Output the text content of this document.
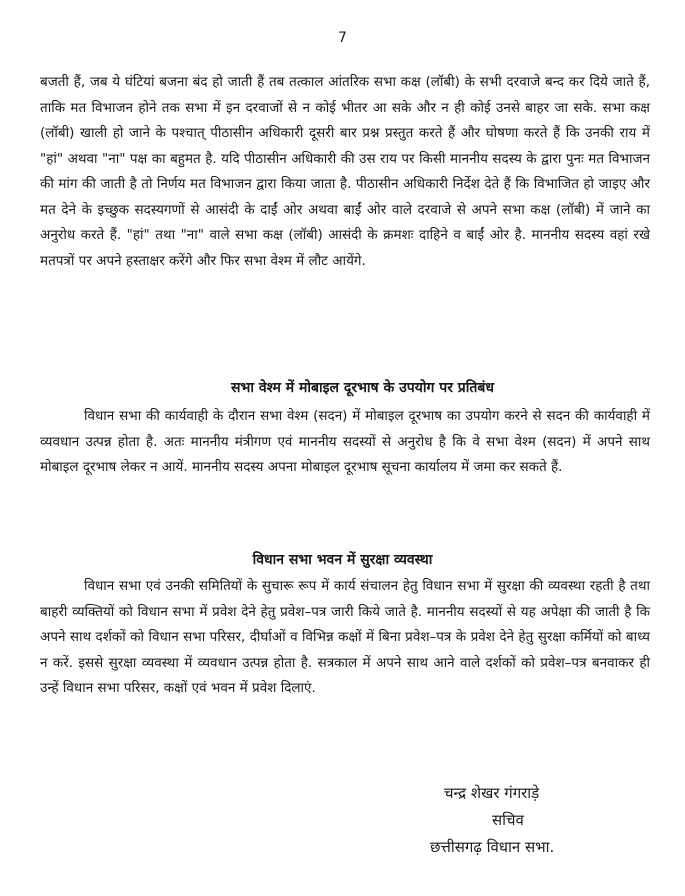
7

बजती हैं, जब ये घंटियां बजना बंद हो जाती हैं तब तत्काल आंतरिक सभा कक्ष (लॉबी) के सभी दरवाजे बन्द कर दिये जाते हैं, ताकि मत विभाजन होने तक सभा में इन दरवाजों से न कोई भीतर आ सके और न ही कोई उनसे बाहर जा सके. सभा कक्ष (लॉबी) खाली हो जाने के पश्चात् पीठासीन अधिकारी दूसरी बार प्रश्न प्रस्तुत करते हैं और घोषणा करते हैं कि उनकी राय में "हां" अथवा "ना" पक्ष का बहुमत है. यदि पीठासीन अधिकारी की उस राय पर किसी माननीय सदस्य के द्वारा पुनः मत विभाजन की मांग की जाती है तो निर्णय मत विभाजन द्वारा किया जाता है. पीठासीन अधिकारी निर्देश देते हैं कि विभाजित हो जाइए और मत देने के इच्छुक सदस्यगणों से आसंदी के दाईं ओर अथवा बाईं ओर वाले दरवाजे से अपने सभा कक्ष (लॉबी) में जाने का अनुरोध करते हैं. "हां" तथा "ना" वाले सभा कक्ष (लॉबी) आसंदी के क्रमशः दाहिने व बाईं ओर है. माननीय सदस्य वहां रखे मतपत्रों पर अपने हस्ताक्षर करेंगे और फिर सभा वेश्म में लौट आयेंगे.

सभा वेश्म में मोबाइल दूरभाष के उपयोग पर प्रतिबंध

विधान सभा की कार्यवाही के दौरान सभा वेश्म (सदन) में मोबाइल दूरभाष का उपयोग करने से सदन की कार्यवाही में व्यवधान उत्पन्न होता है. अतः माननीय मंत्रीगण एवं माननीय सदस्यों से अनुरोध है कि वे सभा वेश्म (सदन) में अपने साथ मोबाइल दूरभाष लेकर न आयें. माननीय सदस्य अपना मोबाइल दूरभाष सूचना कार्यालय में जमा कर सकते हैं.

विधान सभा भवन में सुरक्षा व्यवस्था

विधान सभा एवं उनकी समितियों के सुचारू रूप में कार्य संचालन हेतु विधान सभा में सुरक्षा की व्यवस्था रहती है तथा बाहरी व्यक्तियों को विधान सभा में प्रवेश देने हेतु प्रवेश–पत्र जारी किये जाते है. माननीय सदस्यों से यह अपेक्षा की जाती है कि अपने साथ दर्शकों को विधान सभा परिसर, दीर्घाओं व विभिन्न कक्षों में बिना प्रवेश–पत्र के प्रवेश देने हेतु सुरक्षा कर्मियों को बाध्य न करें. इससे सुरक्षा व्यवस्था में व्यवधान उत्पन्न होता है. सत्रकाल में अपने साथ आने वाले दर्शकों को प्रवेश–पत्र बनवाकर ही उन्हें विधान सभा परिसर, कक्षों एवं भवन में प्रवेश दिलाएं.

चन्द्र शेखर गंगराड़े
सचिव
छत्तीसगढ़ विधान सभा.
